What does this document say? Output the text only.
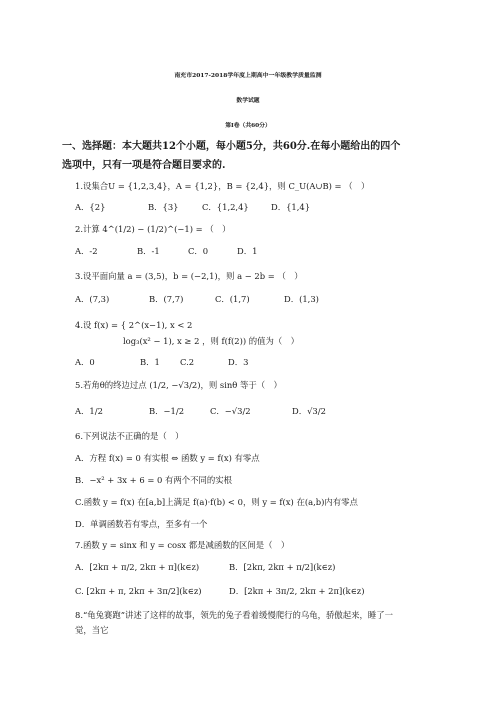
南充市2017-2018学年度上期高中一年级教学质量监测
数学试题
第Ⅰ卷（共60分）
一、选择题：本大题共12个小题，每小题5分，共60分.在每小题给出的四个
选项中，只有一项是符合题目要求的.
1.设集合U = {1,2,3,4}，A = {1,2}，B = {2,4}，则 C_U(A∪B) = （　）
A．{2}	B．{3}	C．{1,2,4}	D．{1,4}
2.计算 4^(1/2) − (1/2)^(−1) = （　）
A．-2	B．-1	C．0	D．1
3.设平面向量 a = (3,5)，b = (−2,1)，则 a − 2b = （　）
A．(7,3)	B．(7,7)	C．(1,7)	D．(1,3)
4.设 f(x) = { 2^(x−1), x < 2
log₃(x² − 1), x ≥ 2 ，则 f(f(2)) 的值为（　）
A．0	B．1 C.2	D．3
5.若角θ的终边过点 (1/2, −√3/2)，则 sinθ 等于（　）
A．1/2	B．−1/2	C．−√3/2	D．√3/2
6.下列说法不正确的是（　）
A．方程 f(x) = 0 有实根 ⇔ 函数 y = f(x) 有零点
B．−x² + 3x + 6 = 0 有两个不同的实根
C.函数 y = f(x) 在[a,b]上满足 f(a)·f(b) < 0，则 y = f(x) 在(a,b)内有零点
D．单调函数若有零点，至多有一个
7.函数 y = sinx 和 y = cosx 都是减函数的区间是（　）
A．[2kπ + π/2, 2kπ + π](k∈z)	B．[2kπ, 2kπ + π/2](k∈z)
C. [2kπ + π, 2kπ + 3π/2](k∈z)	D．[2kπ + 3π/2, 2kπ + 2π](k∈z)
8.“龟兔赛跑”讲述了这样的故事，领先的兔子看着缓慢爬行的乌龟，骄傲起来，睡了一
觉，当它
